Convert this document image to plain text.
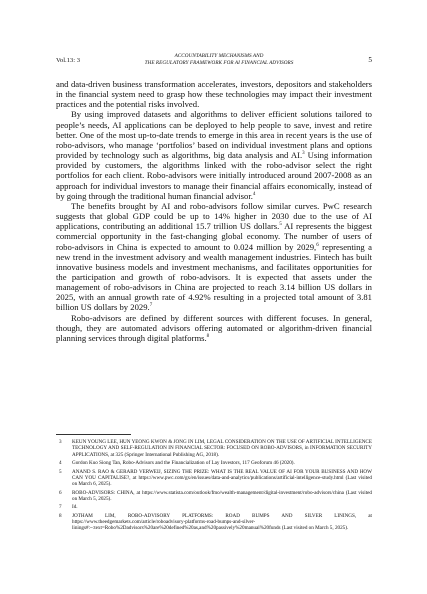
Vol.13: 3
ACCOUNTABILITY MECHANISMS AND
THE REGULATORY FRAMEWORK FOR AI FINANCIAL ADVISORS	5

and data-driven business transformation accelerates, investors, depositors and stakeholders in the financial system need to grasp how these technologies may impact their investment practices and the potential risks involved.

By using improved datasets and algorithms to deliver efficient solutions tailored to people’s needs, AI applications can be deployed to help people to save, invest and retire better. One of the most up-to-date trends to emerge in this area in recent years is the use of robo-advisors, who manage ‘portfolios’ based on individual investment plans and options provided by technology such as algorithms, big data analysis and AI.$^3$ Using information provided by customers, the algorithms linked with the robo-advisor select the right portfolios for each client. Robo-advisors were initially introduced around 2007-2008 as an approach for individual investors to manage their financial affairs economically, instead of by going through the traditional human financial advisor.$^4$

The benefits brought by AI and robo-advisors follow similar curves. PwC research suggests that global GDP could be up to 14% higher in 2030 due to the use of AI applications, contributing an additional 15.7 trillion US dollars.$^5$ AI represents the biggest commercial opportunity in the fast-changing global economy. The number of users of robo-advisors in China is expected to amount to 0.024 million by 2029,$^6$ representing a new trend in the investment advisory and wealth management industries. Fintech has built innovative business models and investment mechanisms, and facilitates opportunities for the participation and growth of robo-advisors. It is expected that assets under the management of robo-advisors in China are projected to reach 3.14 billion US dollars in 2025, with an annual growth rate of 4.92% resulting in a projected total amount of 3.81 billion US dollars by 2029.$^7$

Robo-advisors are defined by different sources with different focuses. In general, though, they are automated advisors offering automated or algorithm-driven financial planning services through digital platforms.$^8$

3	KEUN YOUNG LEE, HUN YEONG KWON & JONG IN LIM, LEGAL CONSIDERATION ON THE USE OF ARTIFICIAL INTELLIGENCE TECHNOLOGY AND SELF-REGULATION IN FINANCIAL SECTOR: FOCUSED ON ROBO-ADVISORS, in INFORMATION SECURITY APPLICATIONS, at 325 (Springer International Publishing AG, 2018).
4	Gordon Kuo Siong Tan, Robo-Advisors and the Financialization of Lay Investors, 117 Geoforum 46 (2020).
5	ANAND S. RAO & GERARD VERWEIJ, SIZING THE PRIZE: WHAT IS THE REAL VALUE OF AI FOR YOUR BUSINESS AND HOW CAN YOU CAPITALISE?, at https://www.pwc.com/gx/en/issues/data-and-analytics/publications/artificial-intelligence-study.html (Last visited on March 6, 2025).
6	ROBO-ADVISORS: CHINA, at https://www.statista.com/outlook/fmo/wealth-management/digital-investment/robo-advisors/china (Last visited on March 5, 2025).
7	Id.
8	JOTHAM LIM, ROBO-ADVISORY PLATFORMS: ROAD BUMPS AND SILVER LININGS, at https://www.theedgemarkets.com/article/roboadvisory-platforms-road-bumps-and-silver-linings#:~:text=Robo%2Dadvisors%20are%20defined%20as,and%20passively%20manual%20funds (Last visited on March 5, 2025).
